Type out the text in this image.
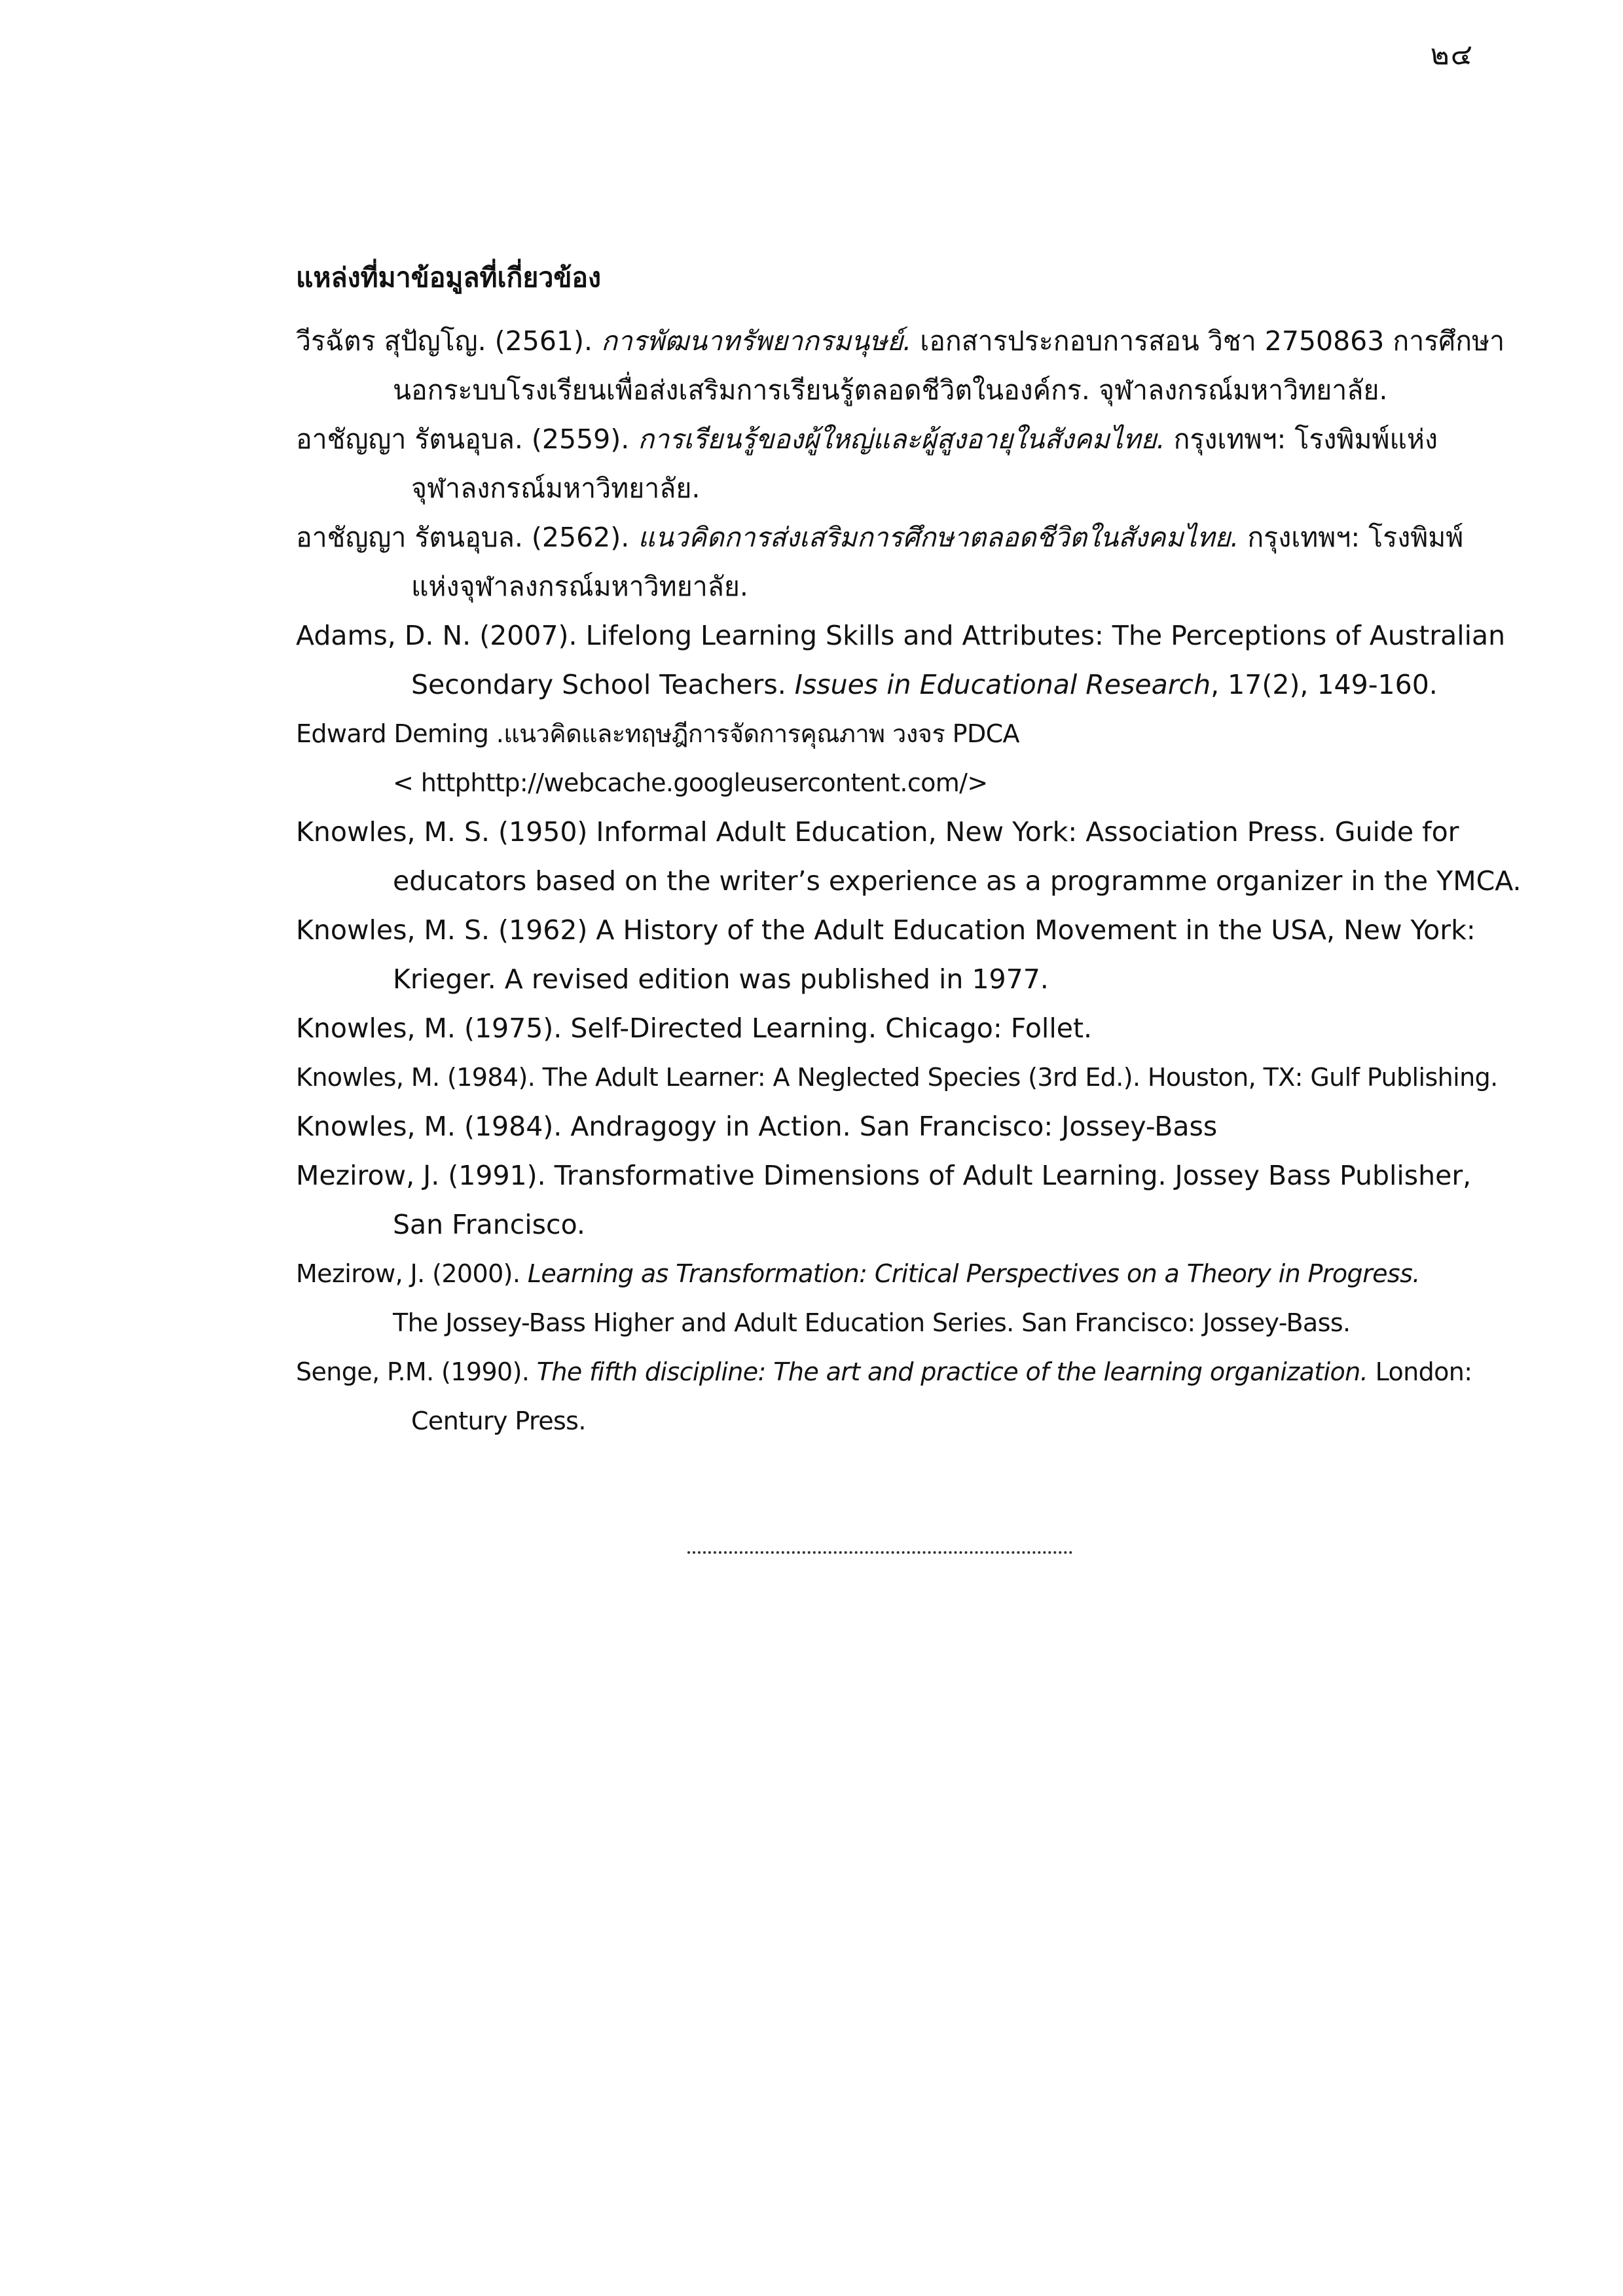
๒๔
แหล่งที่มาข้อมูลที่เกี่ยวข้อง

วีรฉัตร สุปัญโญ. (2561). การพัฒนาทรัพยากรมนุษย์. เอกสารประกอบการสอน วิชา 2750863 การศึกษา
นอกระบบโรงเรียนเพื่อส่งเสริมการเรียนรู้ตลอดชีวิตในองค์กร. จุฬาลงกรณ์มหาวิทยาลัย.

อาชัญญา รัตนอุบล. (2559). การเรียนรู้ของผู้ใหญ่และผู้สูงอายุในสังคมไทย. กรุงเทพฯ: โรงพิมพ์แห่ง
จุฬาลงกรณ์มหาวิทยาลัย.

อาชัญญา รัตนอุบล. (2562). แนวคิดการส่งเสริมการศึกษาตลอดชีวิตในสังคมไทย. กรุงเทพฯ: โรงพิมพ์
แห่งจุฬาลงกรณ์มหาวิทยาลัย.

Adams, D. N. (2007). Lifelong Learning Skills and Attributes: The Perceptions of Australian
Secondary School Teachers. Issues in Educational Research, 17(2), 149-160.

Edward Deming .แนวคิดและทฤษฎีการจัดการคุณภาพ วงจร PDCA
< httphttp://webcache.googleusercontent.com/>

Knowles, M. S. (1950) Informal Adult Education, New York: Association Press. Guide for
educators based on the writer’s experience as a programme organizer in the YMCA.

Knowles, M. S. (1962) A History of the Adult Education Movement in the USA, New York:
Krieger. A revised edition was published in 1977.

Knowles, M. (1975). Self-Directed Learning. Chicago: Follet.

Knowles, M. (1984). The Adult Learner: A Neglected Species (3rd Ed.). Houston, TX: Gulf Publishing.

Knowles, M. (1984). Andragogy in Action. San Francisco: Jossey-Bass

Mezirow, J. (1991). Transformative Dimensions of Adult Learning. Jossey Bass Publisher,
San Francisco.

Mezirow, J. (2000). Learning as Transformation: Critical Perspectives on a Theory in Progress.
The Jossey-Bass Higher and Adult Education Series. San Francisco: Jossey-Bass.

Senge, P.M. (1990). The fifth discipline: The art and practice of the learning organization. London:
Century Press.
